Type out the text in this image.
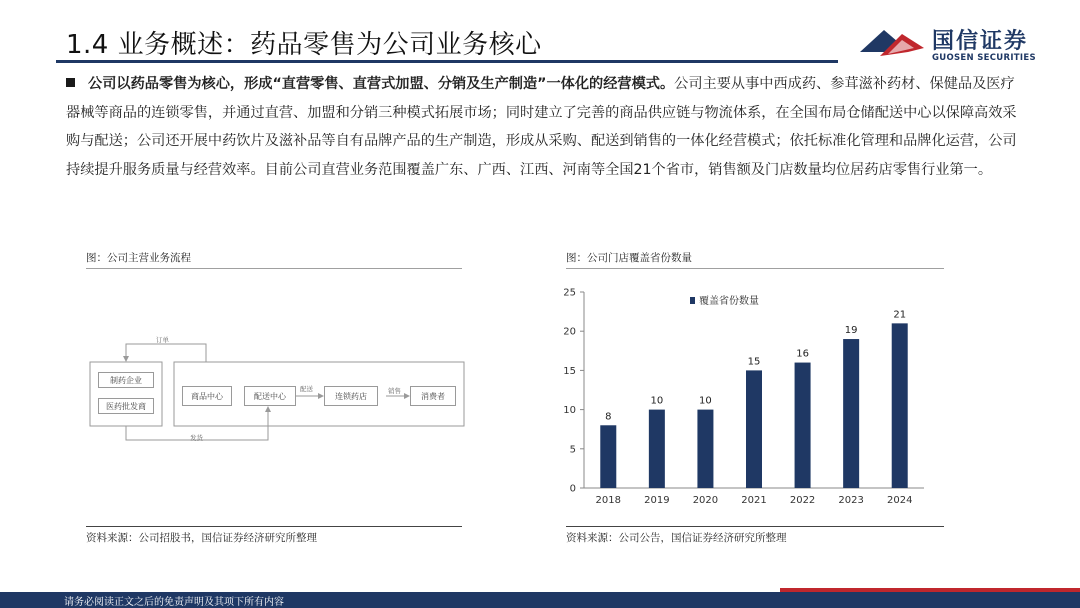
1.4 业务概述：药品零售为公司业务核心	国信证券
GUOSEN SECURITIES
公司以药品零售为核心，形成“直营零售、直营式加盟、分销及生产制造”一体化的经营模式。公司主要从事中西成药、参茸滋补药材、保健品及医疗器械等商品的连锁零售，并通过直营、加盟和分销三种模式拓展市场；同时建立了完善的商品供应链与物流体系，在全国布局仓储配送中心以保障高效采购与配送；公司还开展中药饮片及滋补品等自有品牌产品的生产制造，形成从采购、配送到销售的一体化经营模式；依托标准化管理和品牌化运营，公司持续提升服务质量与经营效率。目前公司直营业务范围覆盖广东、广西、江西、河南等全国21个省市，销售额及门店数量均位居药店零售行业第一。
图：公司主营业务流程
制药企业
医药批发商
商品中心	配送中心	连锁药店	消费者
订单
发货
配送	销售
资料来源：公司招股书，国信证券经济研究所整理
图：公司门店覆盖省份数量
0
5
10
15
20
25
8
2018
10
2019
10
2020
15
2021
16
2022
19
2023
21
2024
覆盖省份数量
资料来源：公司公告，国信证券经济研究所整理
请务必阅读正文之后的免责声明及其项下所有内容
